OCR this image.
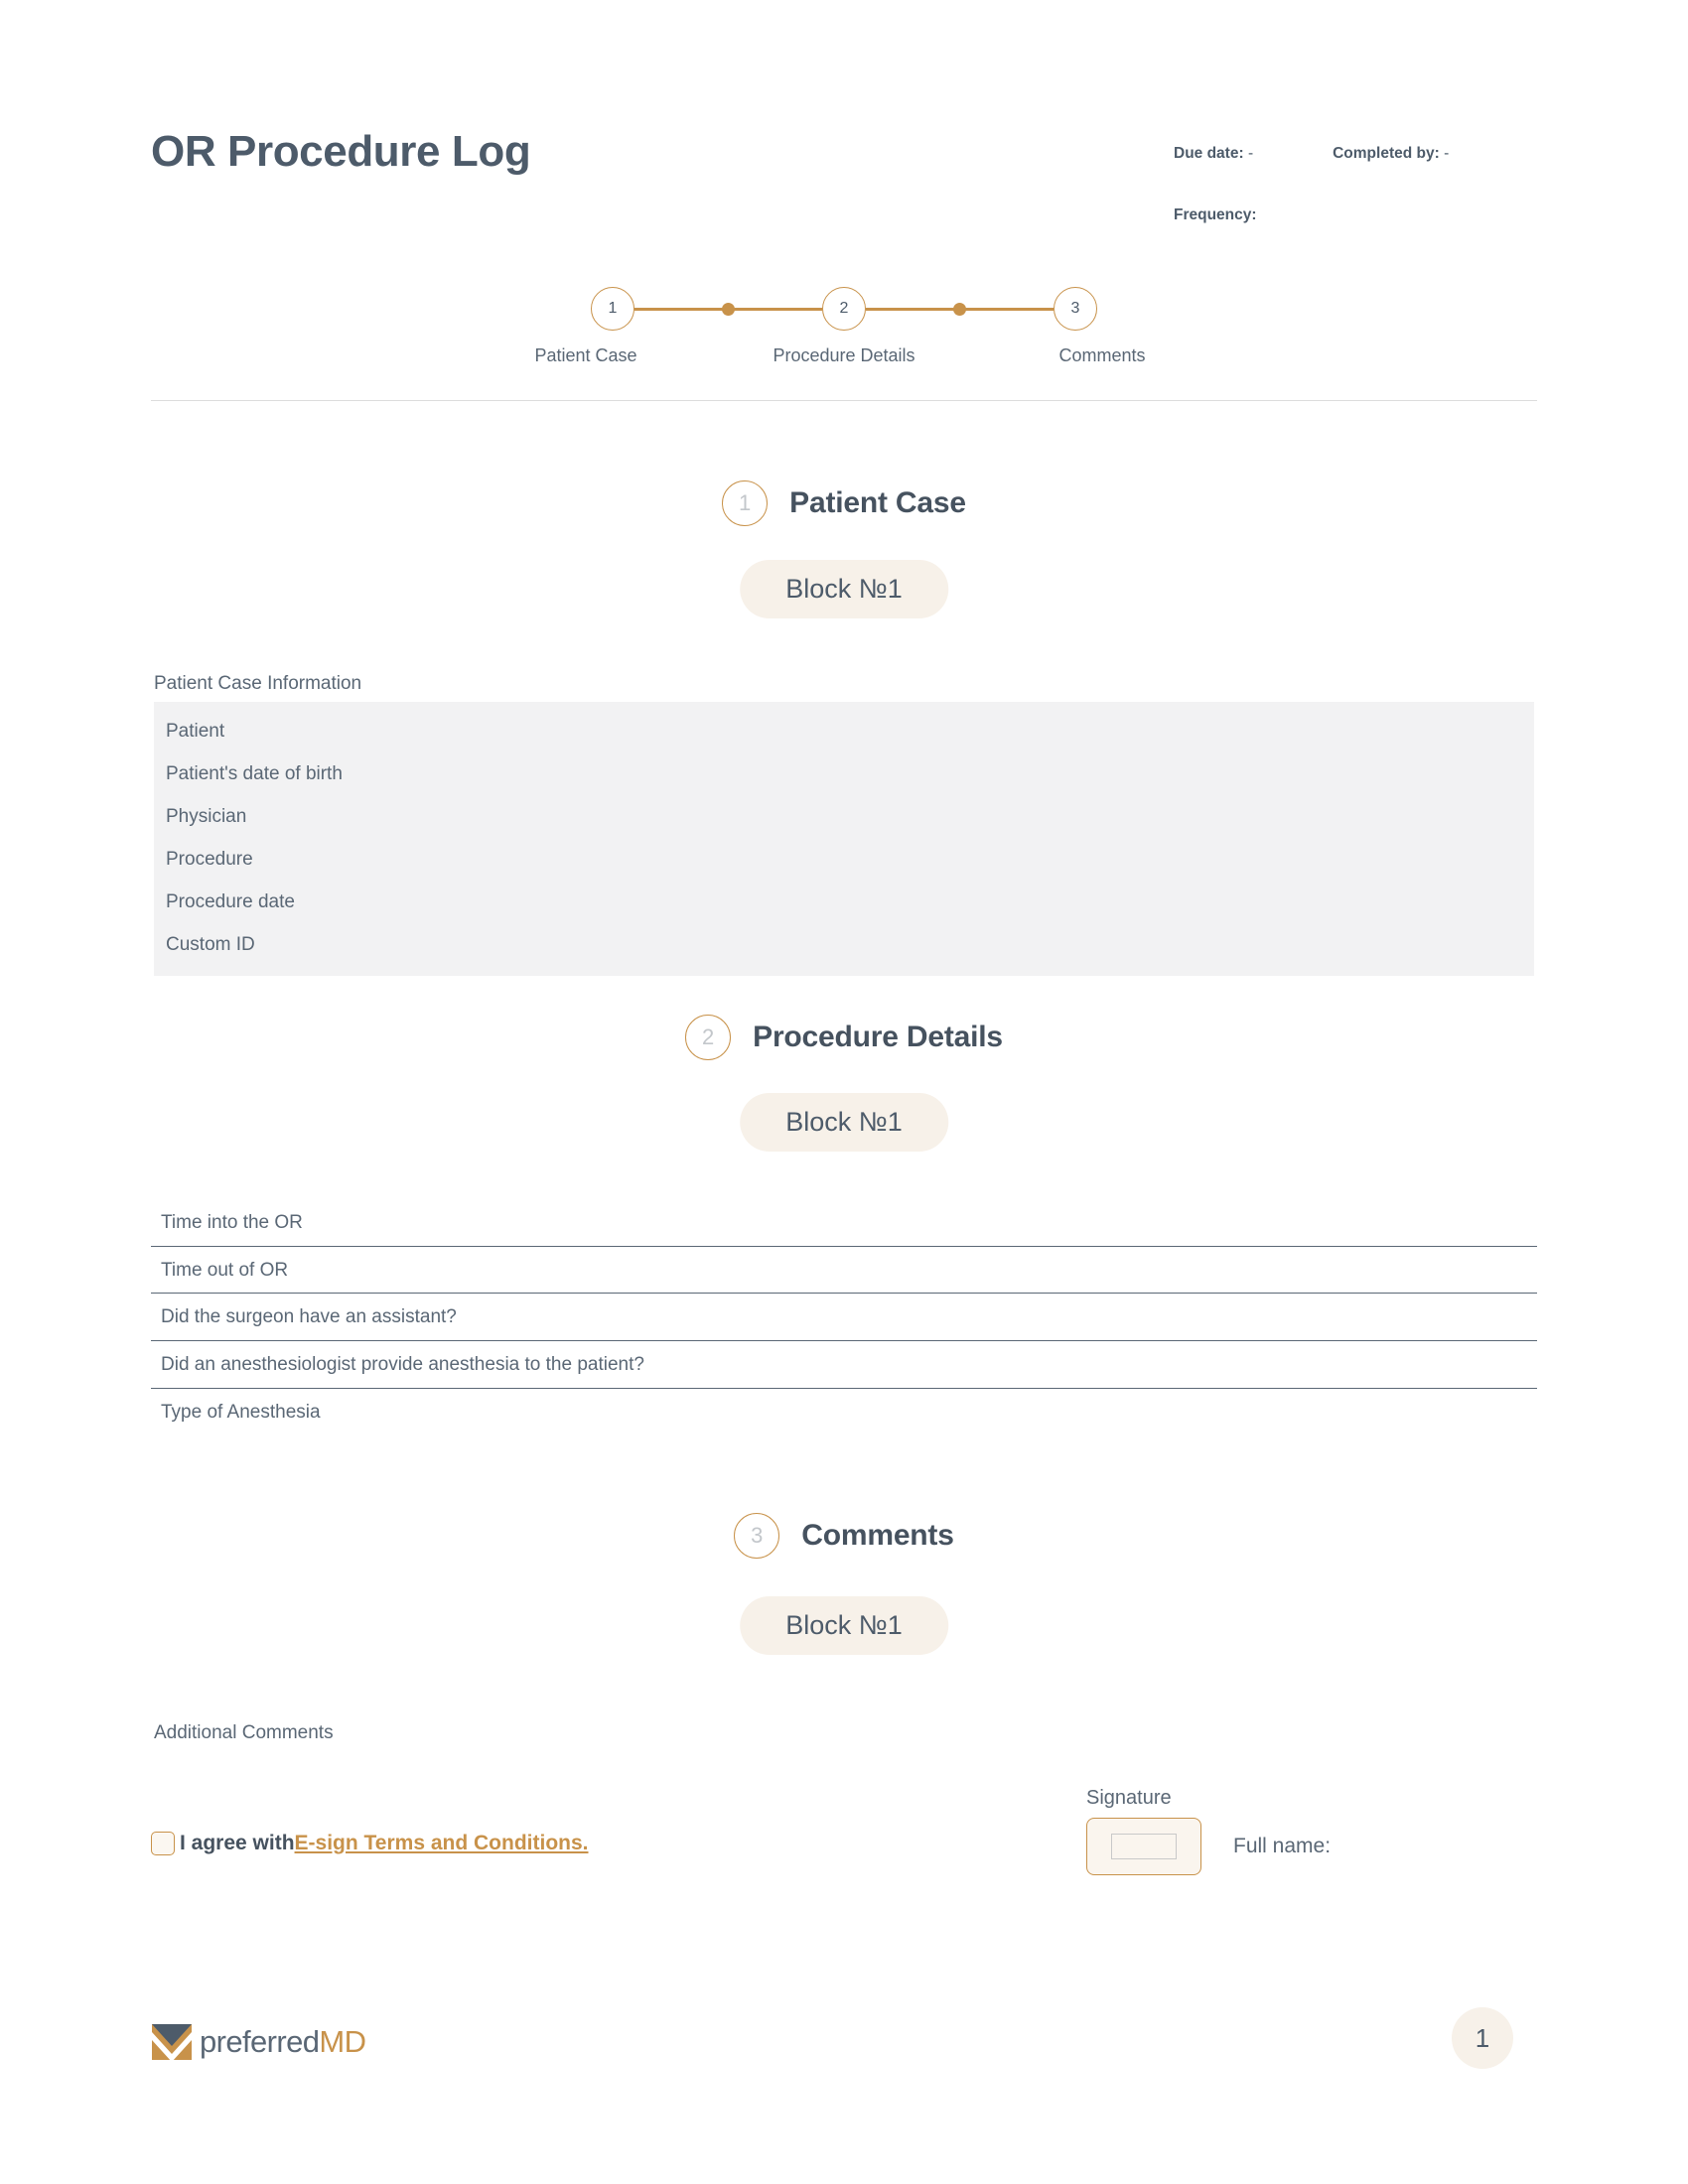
OR Procedure Log	Due date: -	Completed by: -
Frequency:
1	2	3
Patient Case	Procedure Details	Comments
1	Patient Case
Block №1
Patient Case Information
Patient
Patient's date of birth
Physician
Procedure
Procedure date
Custom ID
2	Procedure Details
Block №1
Time into the OR
Time out of OR
Did the surgeon have an assistant?
Did an anesthesiologist provide anesthesia to the patient?
Type of Anesthesia
3	Comments
Block №1
Additional Comments
I agree with E-sign Terms and Conditions.
Signature
Full name:
preferredMD	1
